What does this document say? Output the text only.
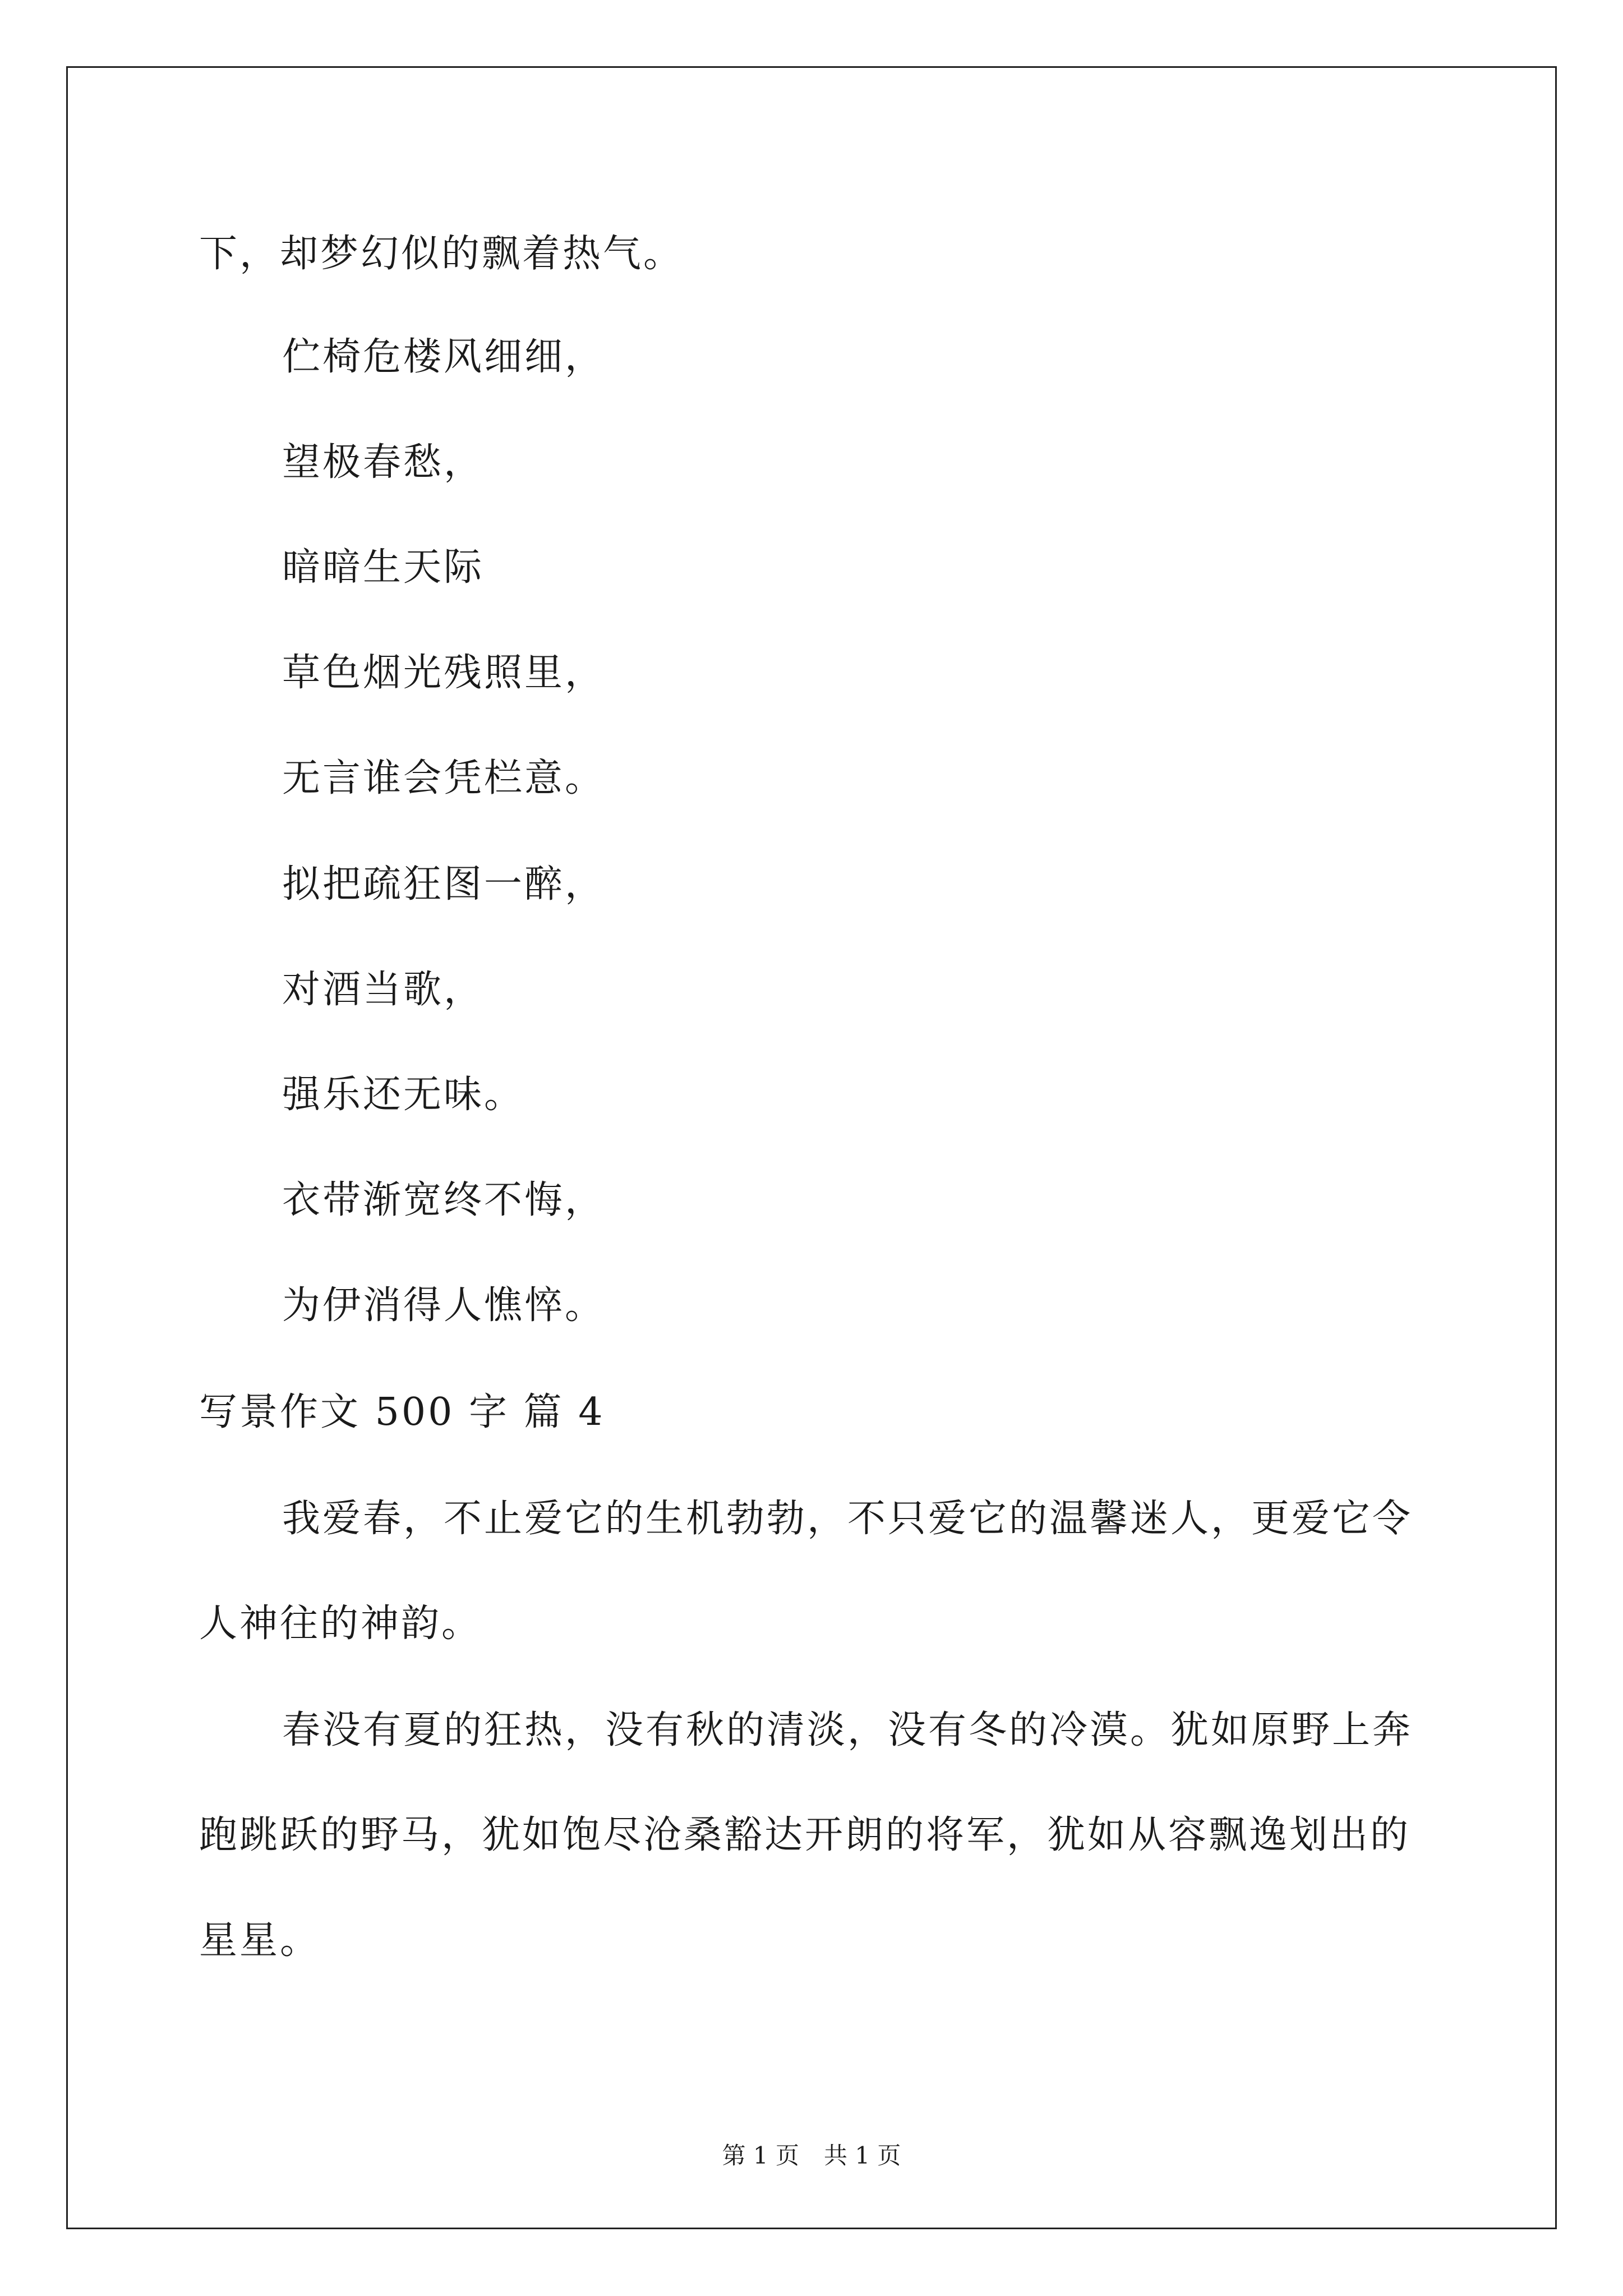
下，却梦幻似的飘着热气。
伫椅危楼风细细，
望极春愁，
暗暗生天际
草色烟光残照里，
无言谁会凭栏意。
拟把疏狂图一醉，
对酒当歌，
强乐还无味。
衣带渐宽终不悔，
为伊消得人憔悴。
写景作文 500 字 篇 4
我爱春，不止爱它的生机勃勃，不只爱它的温馨迷人，更爱它令
人神往的神韵。
春没有夏的狂热，没有秋的清淡，没有冬的冷漠。犹如原野上奔
跑跳跃的野马，犹如饱尽沧桑豁达开朗的将军，犹如从容飘逸划出的
星星。
第 1 页 共 1 页
